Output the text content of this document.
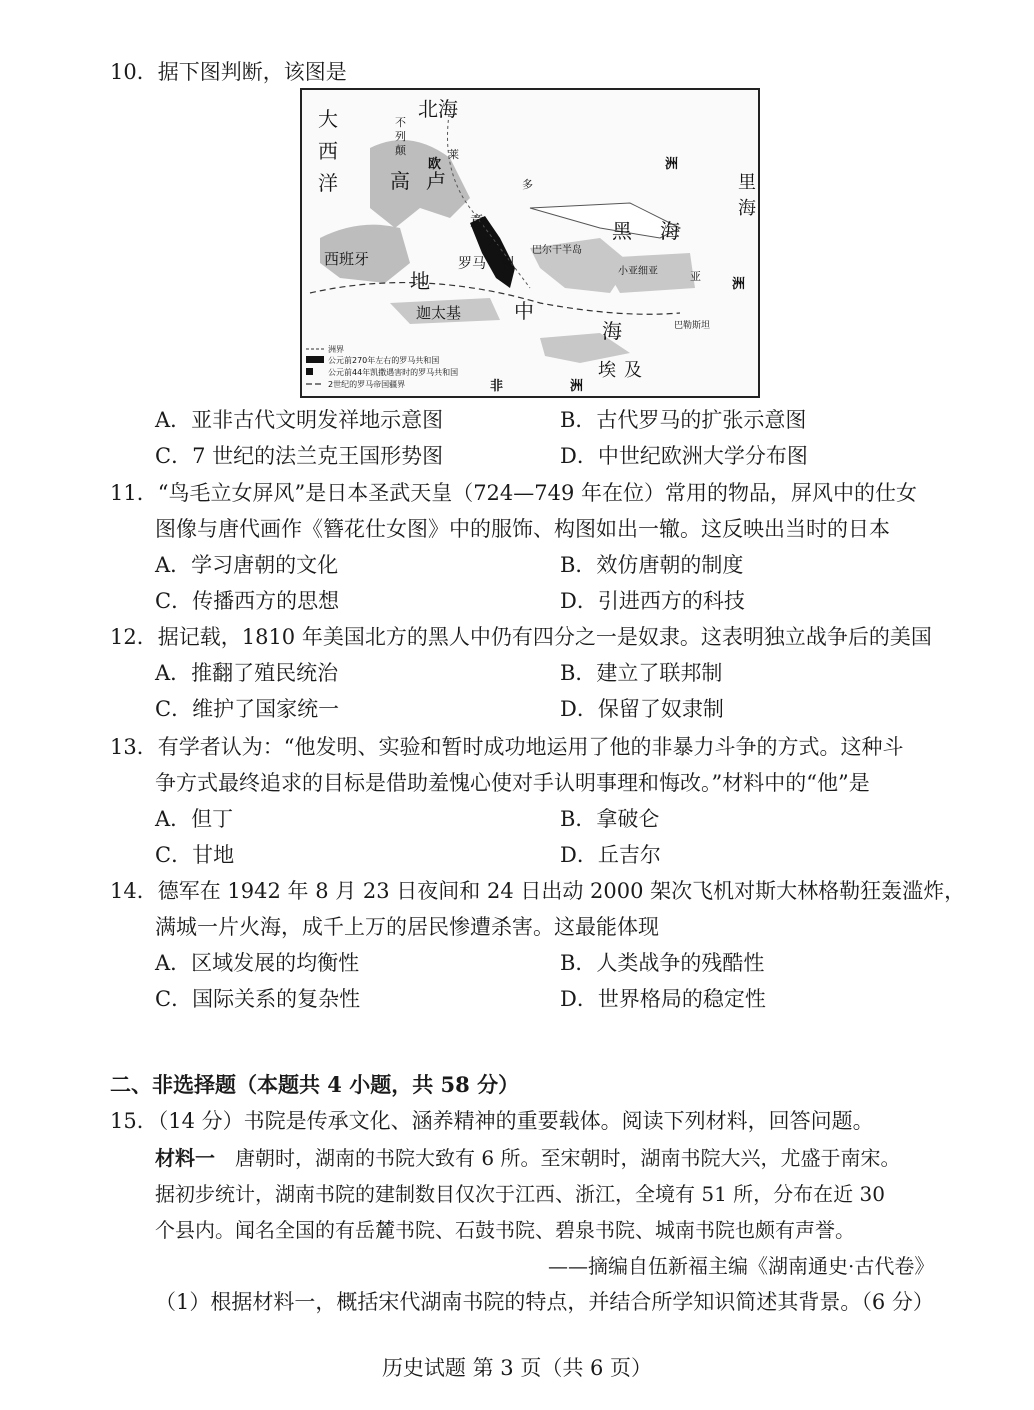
10．据下图判断，该图是
大
西
洋
北海
不
列
颠
欧	洲
高 卢
莱
多
意
大
利
罗马
巴尔干半岛
黑 海
里
海
西班牙
地
迦太基	中
海
小亚细亚	亚
洲
巴勒斯坦
埃 及
非	洲
洲界
公元前270年左右的罗马共和国
公元前44年凯撒遇害时的罗马共和国
2世纪的罗马帝国疆界
A．亚非古代文明发祥地示意图	B．古代罗马的扩张示意图
C．7 世纪的法兰克王国形势图	D．中世纪欧洲大学分布图
11．“鸟毛立女屏风”是日本圣武天皇（724—749 年在位）常用的物品，屏风中的仕女
图像与唐代画作《簪花仕女图》中的服饰、构图如出一辙。这反映出当时的日本
A．学习唐朝的文化	B．效仿唐朝的制度
C．传播西方的思想	D．引进西方的科技
12．据记载，1810 年美国北方的黑人中仍有四分之一是奴隶。这表明独立战争后的美国
A．推翻了殖民统治	B．建立了联邦制
C．维护了国家统一	D．保留了奴隶制
13．有学者认为：“他发明、实验和暂时成功地运用了他的非暴力斗争的方式。这种斗
争方式最终追求的目标是借助羞愧心使对手认明事理和悔改。”材料中的“他”是
A．但丁	B．拿破仑
C．甘地	D．丘吉尔
14．德军在 1942 年 8 月 23 日夜间和 24 日出动 2000 架次飞机对斯大林格勒狂轰滥炸，
满城一片火海，成千上万的居民惨遭杀害。这最能体现
A．区域发展的均衡性	B．人类战争的残酷性
C．国际关系的复杂性	D．世界格局的稳定性
二、非选择题（本题共 4 小题，共 58 分）
15．（14 分）书院是传承文化、涵养精神的重要载体。阅读下列材料，回答问题。
材料一　唐朝时，湖南的书院大致有 6 所。至宋朝时，湖南书院大兴，尤盛于南宋。
据初步统计，湖南书院的建制数目仅次于江西、浙江，全境有 51 所，分布在近 30
个县内。闻名全国的有岳麓书院、石鼓书院、碧泉书院、城南书院也颇有声誉。
——摘编自伍新福主编《湖南通史·古代卷》
（1）根据材料一，概括宋代湖南书院的特点，并结合所学知识简述其背景。（6 分）
历史试题 第 3 页（共 6 页）
